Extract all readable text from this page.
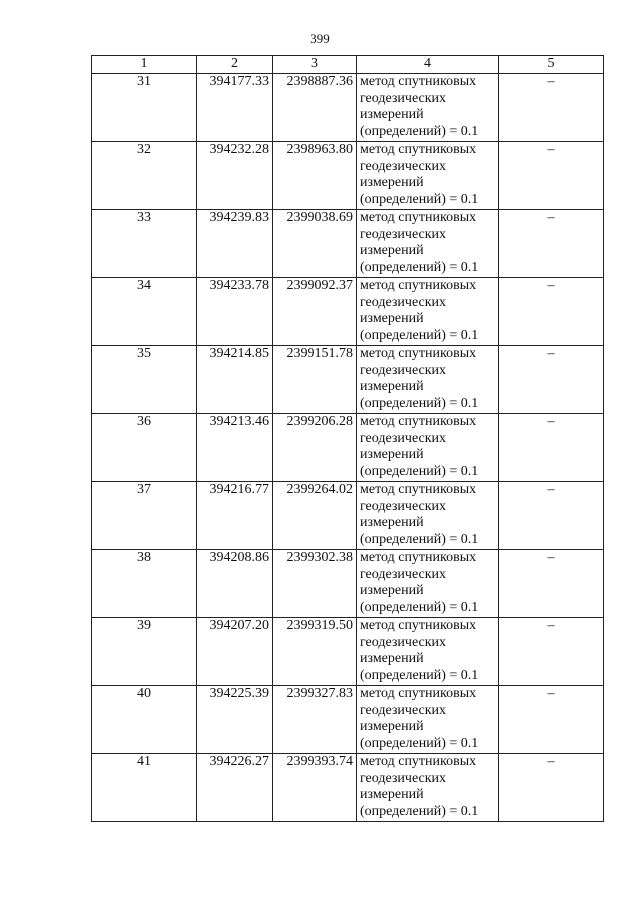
399
1	2	3	4	5
31	394177.33	2398887.36	метод спутниковых
геодезических
измерений
(определений) = 0.1	–
32	394232.28	2398963.80	метод спутниковых
геодезических
измерений
(определений) = 0.1	–
33	394239.83	2399038.69	метод спутниковых
геодезических
измерений
(определений) = 0.1	–
34	394233.78	2399092.37	метод спутниковых
геодезических
измерений
(определений) = 0.1	–
35	394214.85	2399151.78	метод спутниковых
геодезических
измерений
(определений) = 0.1	–
36	394213.46	2399206.28	метод спутниковых
геодезических
измерений
(определений) = 0.1	–
37	394216.77	2399264.02	метод спутниковых
геодезических
измерений
(определений) = 0.1	–
38	394208.86	2399302.38	метод спутниковых
геодезических
измерений
(определений) = 0.1	–
39	394207.20	2399319.50	метод спутниковых
геодезических
измерений
(определений) = 0.1	–
40	394225.39	2399327.83	метод спутниковых
геодезических
измерений
(определений) = 0.1	–
41	394226.27	2399393.74	метод спутниковых
геодезических
измерений
(определений) = 0.1	–
